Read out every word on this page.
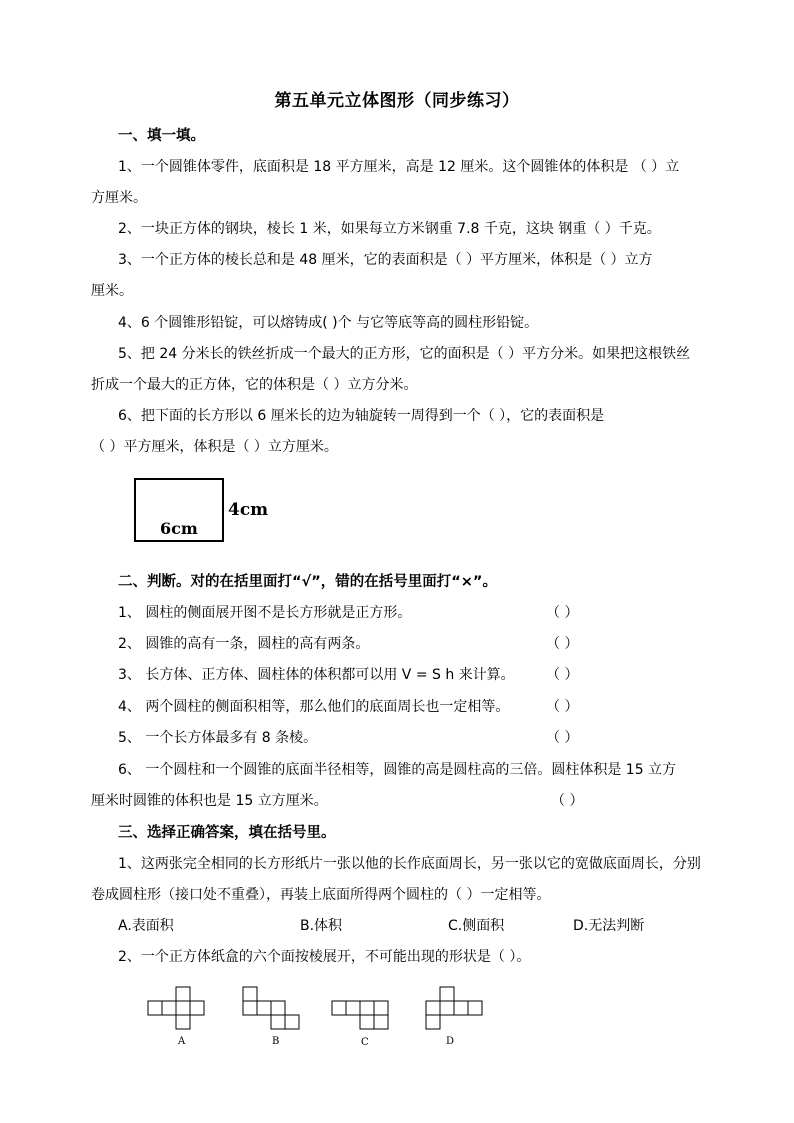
第五单元立体图形（同步练习）
一、填一填。
1、一个圆锥体零件，底面积是 18 平方厘米，高是 12 厘米。这个圆锥体的体积是 （ ）立
方厘米。
2、一块正方体的钢块，棱长 1 米，如果每立方米钢重 7.8 千克，这块 钢重（ ）千克。
3、一个正方体的棱长总和是 48 厘米，它的表面积是（ ）平方厘米，体积是（ ）立方
厘米。
4、6 个圆锥形铅锭，可以熔铸成( )个 与它等底等高的圆柱形铅锭。
5、把 24 分米长的铁丝折成一个最大的正方形，它的面积是（ ）平方分米。如果把这根铁丝
折成一个最大的正方体，它的体积是（ ）立方分米。
6、把下面的长方形以 6 厘米长的边为轴旋转一周得到一个（ ），它的表面积是
（ ）平方厘米，体积是（ ）立方厘米。
6cm
4cm
二、判断。对的在括里面打“√”，错的在括号里面打“×”。
1、 圆柱的侧面展开图不是长方形就是正方形。	（ ）
2、 圆锥的高有一条，圆柱的高有两条。	（ ）
3、 长方体、正方体、圆柱体的体积都可以用 V = S h 来计算。 （ ）
4、 两个圆柱的侧面积相等，那么他们的底面周长也一定相等。	（ ）
5、 一个长方体最多有 8 条棱。	（ ）
6、 一个圆柱和一个圆锥的底面半径相等，圆锥的高是圆柱高的三倍。圆柱体积是 15 立方
厘米时圆锥的体积也是 15 立方厘米。	（ ）
三、选择正确答案，填在括号里。
1、这两张完全相同的长方形纸片一张以他的长作底面周长，另一张以它的宽做底面周长，分别
卷成圆柱形（接口处不重叠），再装上底面所得两个圆柱的（ ）一定相等。
A.表面积	B.体积	C.侧面积	D.无法判断
2、一个正方体纸盒的六个面按棱展开，不可能出现的形状是（ ）。
A	B	C	D
